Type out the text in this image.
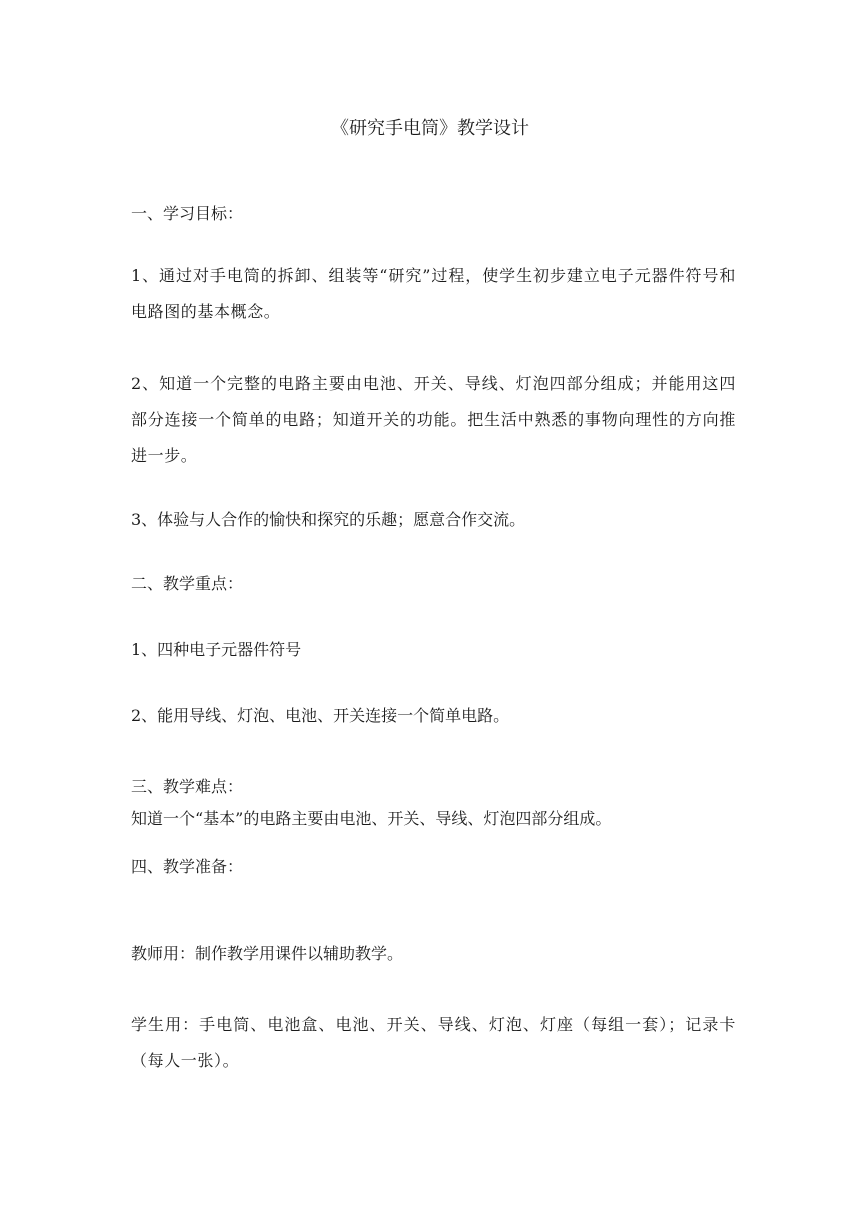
《研究手电筒》教学设计
一、学习目标：
1、通过对手电筒的拆卸、组装等“研究”过程，使学生初步建立电子元器件符号和电路图的基本概念。
2、知道一个完整的电路主要由电池、开关、导线、灯泡四部分组成；并能用这四部分连接一个简单的电路；知道开关的功能。把生活中熟悉的事物向理性的方向推进一步。
3、体验与人合作的愉快和探究的乐趣；愿意合作交流。
二、教学重点：
1、四种电子元器件符号
2、能用导线、灯泡、电池、开关连接一个简单电路。
三、教学难点：
知道一个“基本”的电路主要由电池、开关、导线、灯泡四部分组成。
四、教学准备：
教师用：制作教学用课件以辅助教学。
学生用：手电筒、电池盒、电池、开关、导线、灯泡、灯座（每组一套）；记录卡（每人一张）。
